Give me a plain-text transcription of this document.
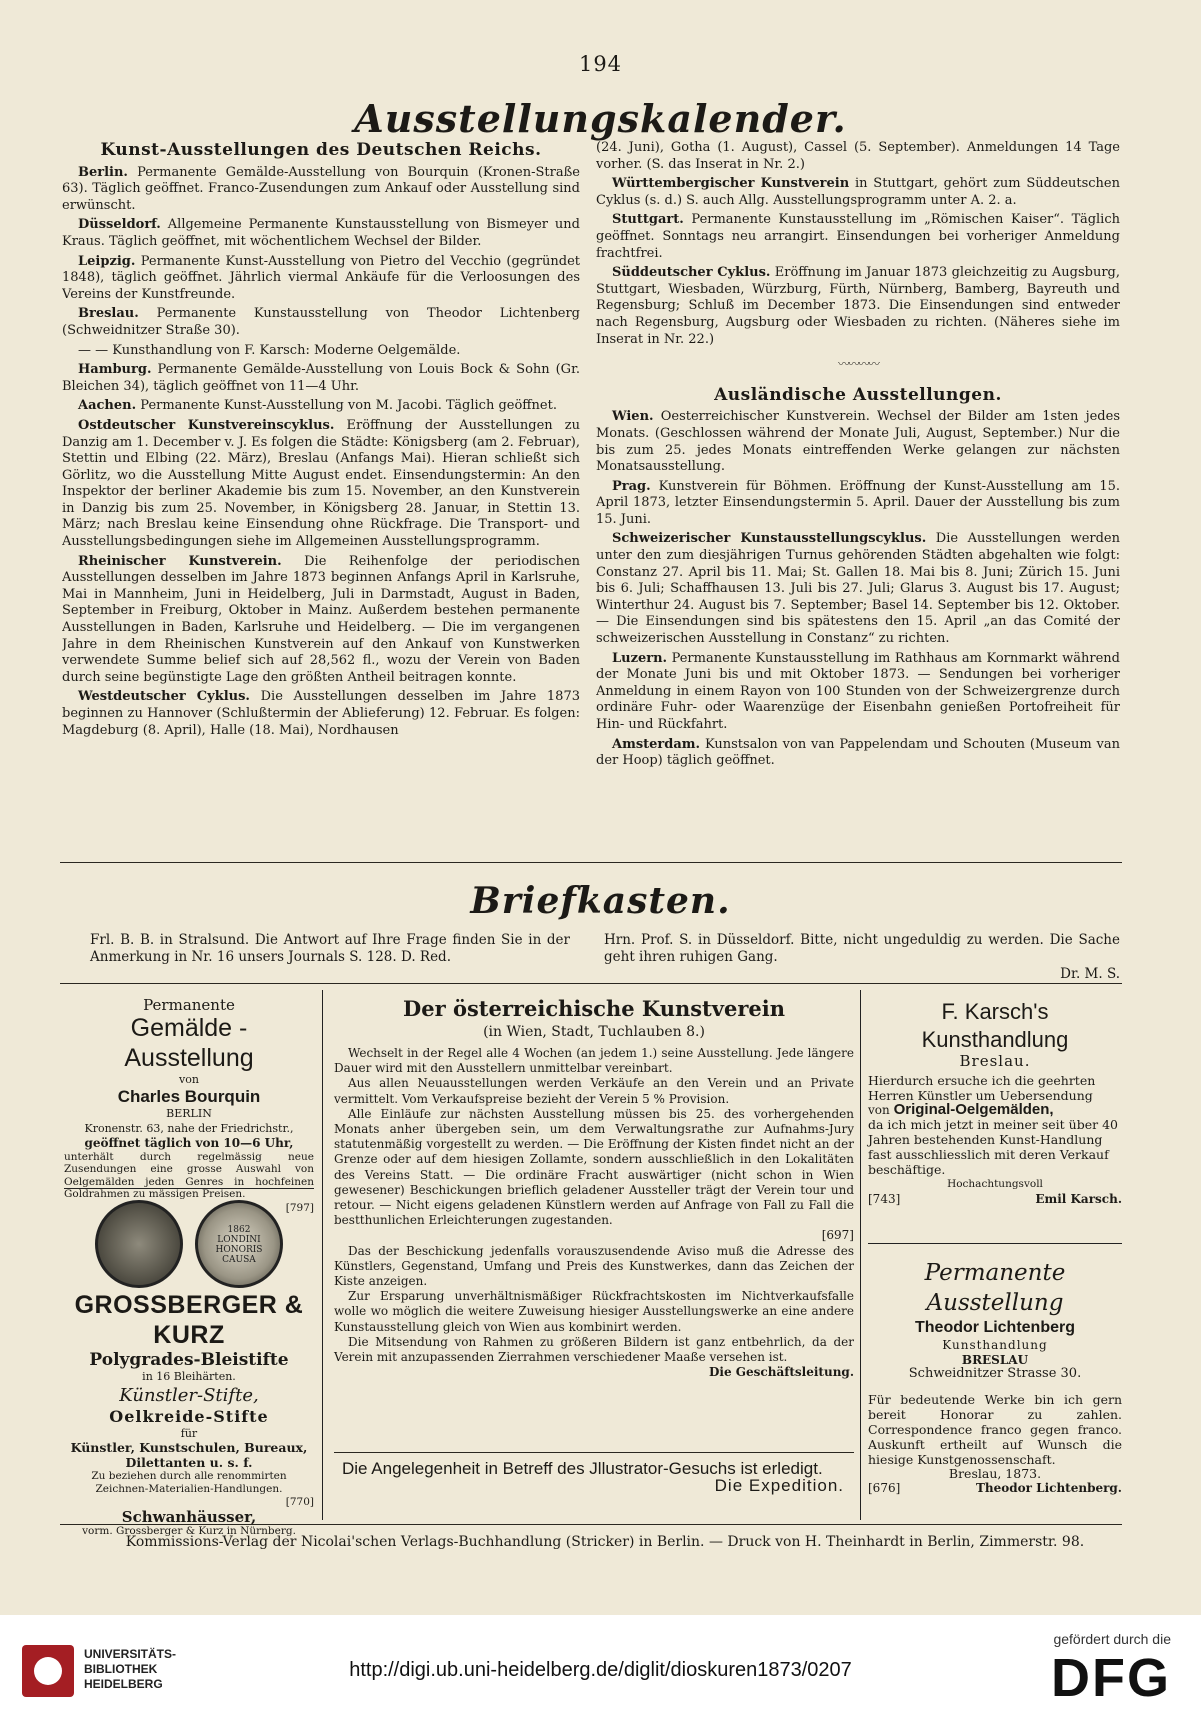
194
Ausstellungskalender.
Kunst-Ausstellungen des Deutschen Reichs.

Berlin. Permanente Gemälde-Ausstellung von Bourquin (Kronen-Straße 63). Täglich geöffnet. Franco-Zusendungen zum Ankauf oder Ausstellung sind erwünscht.

Düsseldorf. Allgemeine Permanente Kunstausstellung von Bismeyer und Kraus. Täglich geöffnet, mit wöchentlichem Wechsel der Bilder.

Leipzig. Permanente Kunst-Ausstellung von Pietro del Vecchio (gegründet 1848), täglich geöffnet. Jährlich viermal Ankäufe für die Verloosungen des Vereins der Kunstfreunde.

Breslau. Permanente Kunstausstellung von Theodor Lichtenberg (Schweidnitzer Straße 30).

— — Kunsthandlung von F. Karsch: Moderne Oelgemälde.

Hamburg. Permanente Gemälde-Ausstellung von Louis Bock & Sohn (Gr. Bleichen 34), täglich geöffnet von 11—4 Uhr.

Aachen. Permanente Kunst-Ausstellung von M. Jacobi. Täglich geöffnet.

Ostdeutscher Kunstvereinscyklus. Eröffnung der Ausstellungen zu Danzig am 1. December v. J. Es folgen die Städte: Königsberg (am 2. Februar), Stettin und Elbing (22. März), Breslau (Anfangs Mai). Hieran schließt sich Görlitz, wo die Ausstellung Mitte August endet. Einsendungstermin: An den Inspektor der berliner Akademie bis zum 15. November, an den Kunstverein in Danzig bis zum 25. November, in Königsberg 28. Januar, in Stettin 13. März; nach Breslau keine Einsendung ohne Rückfrage. Die Transport- und Ausstellungsbedingungen siehe im Allgemeinen Ausstellungsprogramm.

Rheinischer Kunstverein. Die Reihenfolge der periodischen Ausstellungen desselben im Jahre 1873 beginnen Anfangs April in Karlsruhe, Mai in Mannheim, Juni in Heidelberg, Juli in Darmstadt, August in Baden, September in Freiburg, Oktober in Mainz. Außerdem bestehen permanente Ausstellungen in Baden, Karlsruhe und Heidelberg. — Die im vergangenen Jahre in dem Rheinischen Kunstverein auf den Ankauf von Kunstwerken verwendete Summe belief sich auf 28,562 fl., wozu der Verein von Baden durch seine begünstigte Lage den größten Antheil beitragen konnte.

Westdeutscher Cyklus. Die Ausstellungen desselben im Jahre 1873 beginnen zu Hannover (Schlußtermin der Ablieferung) 12. Februar. Es folgen: Magdeburg (8. April), Halle (18. Mai), Nordhausen

(24. Juni), Gotha (1. August), Cassel (5. September). Anmeldungen 14 Tage vorher. (S. das Inserat in Nr. 2.)

Württembergischer Kunstverein in Stuttgart, gehört zum Süddeutschen Cyklus (s. d.) S. auch Allg. Ausstellungsprogramm unter A. 2. a.

Stuttgart. Permanente Kunstausstellung im „Römischen Kaiser“. Täglich geöffnet. Sonntags neu arrangirt. Einsendungen bei vorheriger Anmeldung frachtfrei.

Süddeutscher Cyklus. Eröffnung im Januar 1873 gleichzeitig zu Augsburg, Stuttgart, Wiesbaden, Würzburg, Fürth, Nürnberg, Bamberg, Bayreuth und Regensburg; Schluß im December 1873. Die Einsendungen sind entweder nach Regensburg, Augsburg oder Wiesbaden zu richten. (Näheres siehe im Inserat in Nr. 22.)

〰〰〰〰
Ausländische Ausstellungen.

Wien. Oesterreichischer Kunstverein. Wechsel der Bilder am 1sten jedes Monats. (Geschlossen während der Monate Juli, August, September.) Nur die bis zum 25. jedes Monats eintreffenden Werke gelangen zur nächsten Monatsausstellung.

Prag. Kunstverein für Böhmen. Eröffnung der Kunst-Ausstellung am 15. April 1873, letzter Einsendungstermin 5. April. Dauer der Ausstellung bis zum 15. Juni.

Schweizerischer Kunstausstellungscyklus. Die Ausstellungen werden unter den zum diesjährigen Turnus gehörenden Städten abgehalten wie folgt: Constanz 27. April bis 11. Mai; St. Gallen 18. Mai bis 8. Juni; Zürich 15. Juni bis 6. Juli; Schaffhausen 13. Juli bis 27. Juli; Glarus 3. August bis 17. August; Winterthur 24. August bis 7. September; Basel 14. September bis 12. Oktober. — Die Einsendungen sind bis spätestens den 15. April „an das Comité der schweizerischen Ausstellung in Constanz“ zu richten.

Luzern. Permanente Kunstausstellung im Rathhaus am Kornmarkt während der Monate Juni bis und mit Oktober 1873. — Sendungen bei vorheriger Anmeldung in einem Rayon von 100 Stunden von der Schweizergrenze durch ordinäre Fuhr- oder Waarenzüge der Eisenbahn genießen Portofreiheit für Hin- und Rückfahrt.

Amsterdam. Kunstsalon von van Pappelendam und Schouten (Museum van der Hoop) täglich geöffnet.

Briefkasten.
Frl. B. B. in Stralsund. Die Antwort auf Ihre Frage finden Sie in der Anmerkung in Nr. 16 unsers Journals S. 128. D. Red.
Hrn. Prof. S. in Düsseldorf. Bitte, nicht ungeduldig zu werden. Die Sache geht ihren ruhigen Gang.
Dr. M. S.
Permanente
Gemälde - Ausstellung
von
Charles Bourquin
BERLIN
Kronenstr. 63, nahe der Friedrichstr.,
geöffnet täglich von 10—6 Uhr,
unterhält durch regelmässig neue Zusendungen eine grosse Auswahl von Oelgemälden jeden Genres in hochfeinen Goldrahmen zu mässigen Preisen.
[797]
1862 LONDINI HONORIS CAUSA
GROSSBERGER & KURZ
Polygrades-Bleistifte
in 16 Bleihärten.
Künstler-Stifte,
Oelkreide-Stifte
für
Künstler, Kunstschulen, Bureaux, Dilettanten u. s. f.
Zu beziehen durch alle renommirten Zeichnen-Materialien-Handlungen.
[770]
Schwanhäusser,
vorm. Grossberger & Kurz in Nürnberg.
Der österreichische Kunstverein
(in Wien, Stadt, Tuchlauben 8.)

Wechselt in der Regel alle 4 Wochen (an jedem 1.) seine Ausstellung. Jede längere Dauer wird mit den Ausstellern unmittelbar vereinbart.

Aus allen Neuausstellungen werden Verkäufe an den Verein und an Private vermittelt. Vom Verkaufspreise bezieht der Verein 5 % Provision.

Alle Einläufe zur nächsten Ausstellung müssen bis 25. des vorhergehenden Monats anher übergeben sein, um dem Verwaltungsrathe zur Aufnahms-Jury statutenmäßig vorgestellt zu werden. — Die Eröffnung der Kisten findet nicht an der Grenze oder auf dem hiesigen Zollamte, sondern ausschließlich in den Lokalitäten des Vereins Statt. — Die ordinäre Fracht auswärtiger (nicht schon in Wien gewesener) Beschickungen brieflich geladener Aussteller trägt der Verein tour und retour. — Nicht eigens geladenen Künstlern werden auf Anfrage von Fall zu Fall die bestthunlichen Erleichterungen zugestanden.

[697]

Das der Beschickung jedenfalls vorauszusendende Aviso muß die Adresse des Künstlers, Gegenstand, Umfang und Preis des Kunstwerkes, dann das Zeichen der Kiste anzeigen.

Zur Ersparung unverhältnismäßiger Rückfrachtskosten im Nichtverkaufsfalle wolle wo möglich die weitere Zuweisung hiesiger Ausstellungswerke an eine andere Kunstausstellung gleich von Wien aus kombinirt werden.

Die Mitsendung von Rahmen zu größeren Bildern ist ganz entbehrlich, da der Verein mit anzupassenden Zierrahmen verschiedener Maaße versehen ist.

Die Geschäftsleitung.
Die Angelegenheit in Betreff des Jllustrator-Gesuchs ist erledigt.
Die Expedition.
F. Karsch's Kunsthandlung
Breslau.
Hierdurch ersuche ich die geehrten Herren Künstler um Uebersendung
von Original-Oelgemälden,
da ich mich jetzt in meiner seit über 40 Jahren bestehenden Kunst-Handlung fast ausschliesslich mit deren Verkauf beschäftige.
Hochachtungsvoll
[743]	Emil Karsch.
Permanente Ausstellung
Theodor Lichtenberg
Kunsthandlung
BRESLAU
Schweidnitzer Strasse 30.
Für bedeutende Werke bin ich gern bereit Honorar zu zahlen. Correspondence franco gegen franco. Auskunft ertheilt auf Wunsch die hiesige Kunstgenossenschaft.
Breslau, 1873.
[676]	Theodor Lichtenberg.
Kommissions-Verlag der Nicolai'schen Verlags-Buchhandlung (Stricker) in Berlin. — Druck von H. Theinhardt in Berlin, Zimmerstr. 98.
UNIVERSITÄTS- BIBLIOTHEK HEIDELBERG
http://digi.ub.uni-heidelberg.de/diglit/dioskuren1873/0207
gefördert durch die
DFG
